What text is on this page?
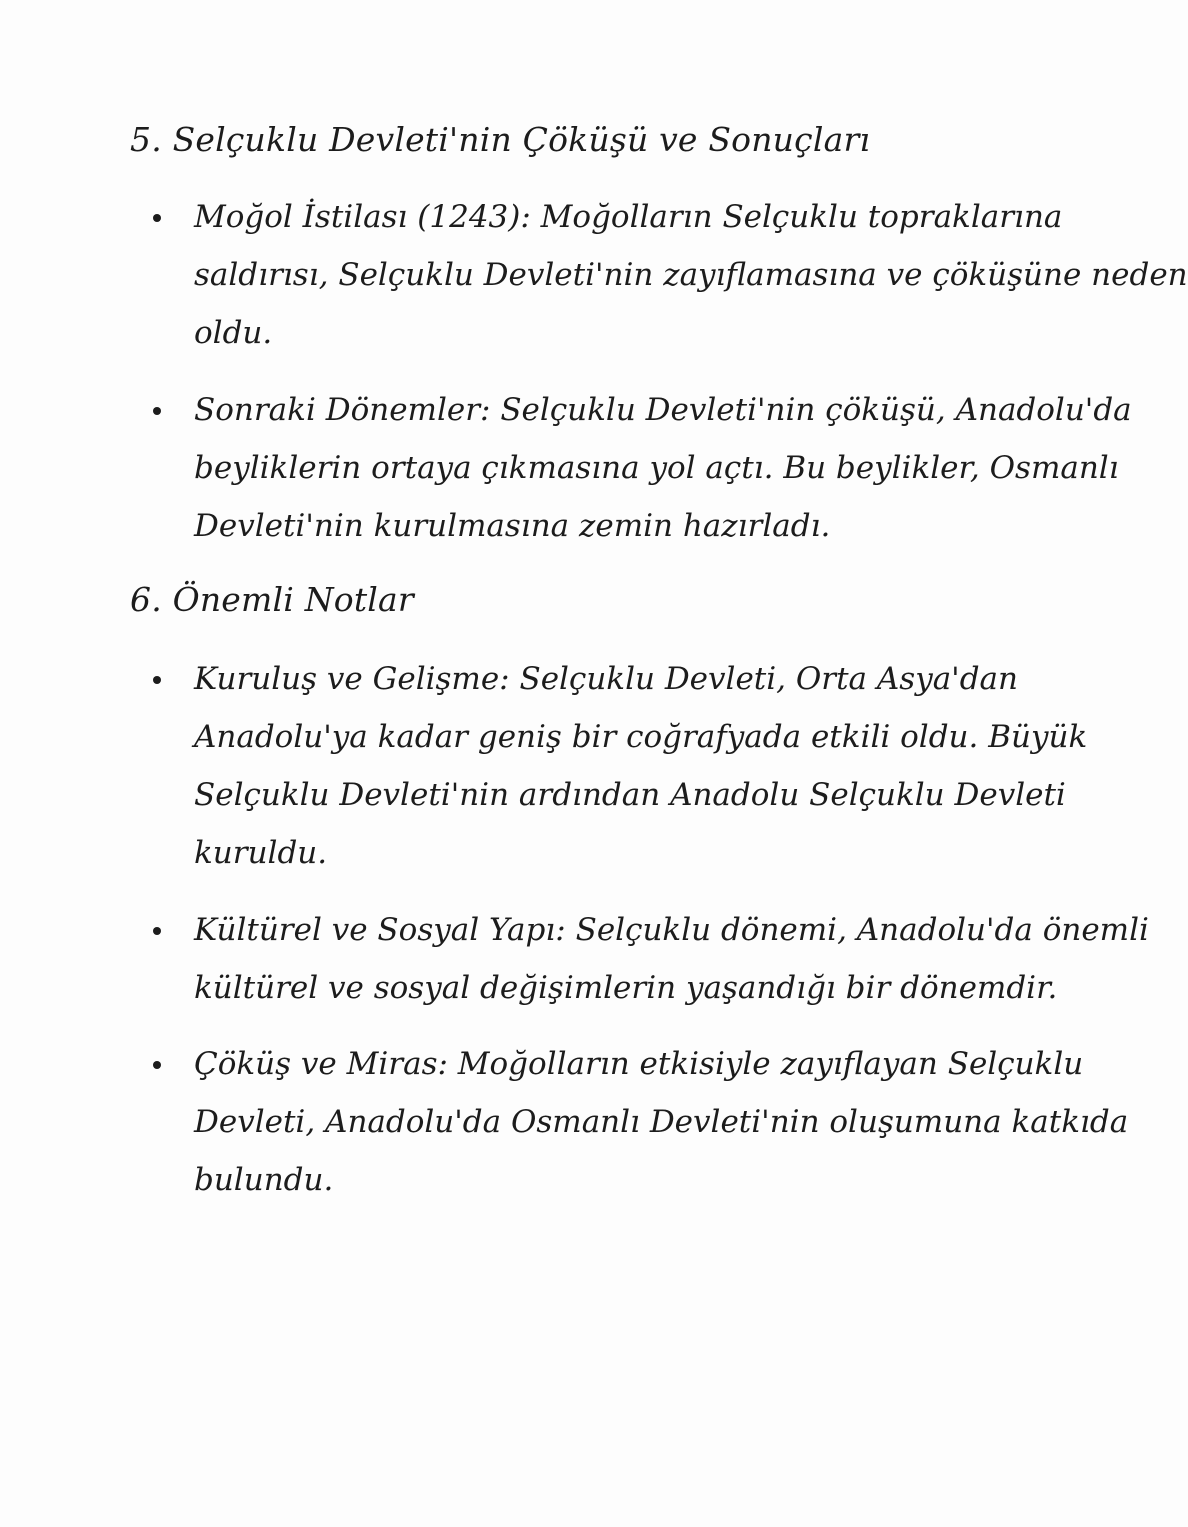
5. Selçuklu Devleti'nin Çöküşü ve Sonuçları
Moğol İstilası (1243): Moğolların Selçuklu topraklarına
saldırısı, Selçuklu Devleti'nin zayıflamasına ve çöküşüne neden
oldu.
Sonraki Dönemler: Selçuklu Devleti'nin çöküşü, Anadolu'da
beyliklerin ortaya çıkmasına yol açtı. Bu beylikler, Osmanlı
Devleti'nin kurulmasına zemin hazırladı.
6. Önemli Notlar
Kuruluş ve Gelişme: Selçuklu Devleti, Orta Asya'dan
Anadolu'ya kadar geniş bir coğrafyada etkili oldu. Büyük
Selçuklu Devleti'nin ardından Anadolu Selçuklu Devleti
kuruldu.
Kültürel ve Sosyal Yapı: Selçuklu dönemi, Anadolu'da önemli
kültürel ve sosyal değişimlerin yaşandığı bir dönemdir.
Çöküş ve Miras: Moğolların etkisiyle zayıflayan Selçuklu
Devleti, Anadolu'da Osmanlı Devleti'nin oluşumuna katkıda
bulundu.
